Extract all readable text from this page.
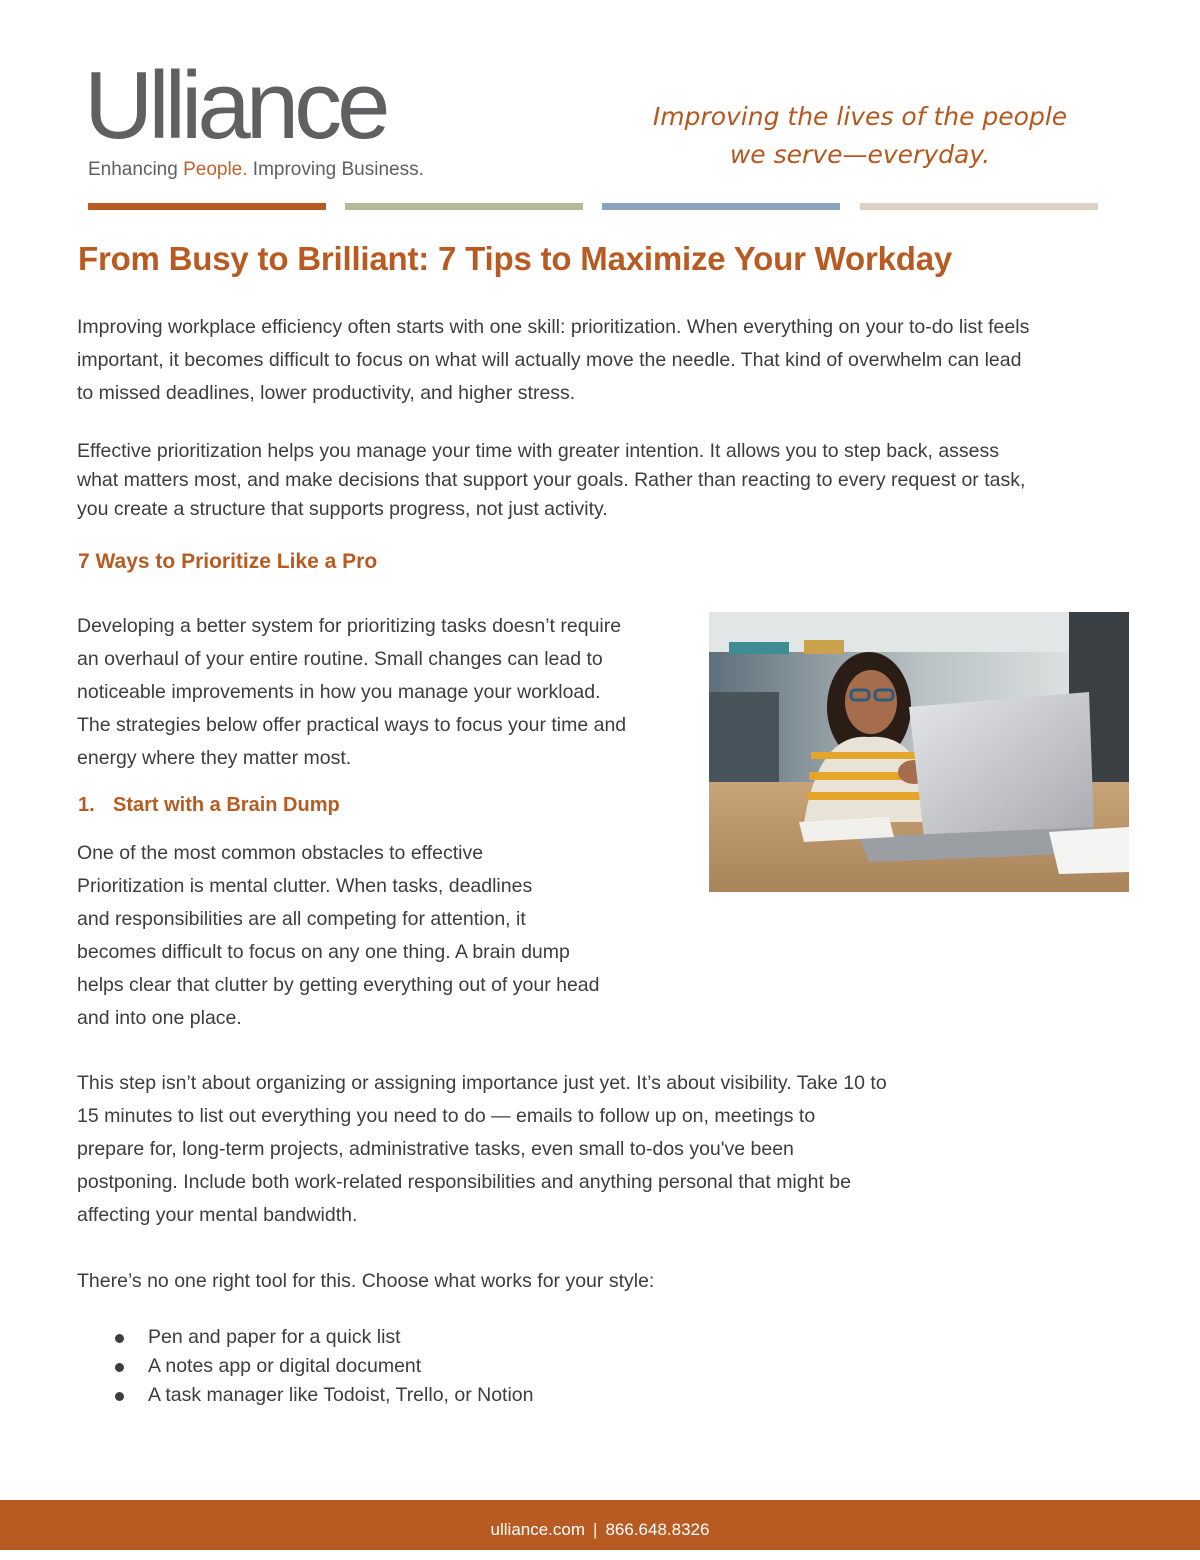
Ulliance
Enhancing People. Improving Business.
Improving the lives of the people
we serve—everyday.
From Busy to Brilliant: 7 Tips to Maximize Your Workday
Improving workplace efficiency often starts with one skill: prioritization. When everything on your to-do list feels
important, it becomes difficult to focus on what will actually move the needle. That kind of overwhelm can lead
to missed deadlines, lower productivity, and higher stress.
Effective prioritization helps you manage your time with greater intention. It allows you to step back, assess
what matters most, and make decisions that support your goals. Rather than reacting to every request or task,
you create a structure that supports progress, not just activity.
7 Ways to Prioritize Like a Pro
Developing a better system for prioritizing tasks doesn’t require
an overhaul of your entire routine. Small changes can lead to
noticeable improvements in how you manage your workload.
The strategies below offer practical ways to focus your time and
energy where they matter most.
1. Start with a Brain Dump
One of the most common obstacles to effective
Prioritization is mental clutter. When tasks, deadlines
and responsibilities are all competing for attention, it
becomes difficult to focus on any one thing. A brain dump
helps clear that clutter by getting everything out of your head
and into one place.
This step isn’t about organizing or assigning importance just yet. It’s about visibility. Take 10 to
15 minutes to list out everything you need to do — emails to follow up on, meetings to
prepare for, long-term projects, administrative tasks, even small to-dos you've been
postponing. Include both work-related responsibilities and anything personal that might be
affecting your mental bandwidth.
There’s no one right tool for this. Choose what works for your style:
Pen and paper for a quick list
A notes app or digital document
A task manager like Todoist, Trello, or Notion
ulliance.com | 866.648.8326
